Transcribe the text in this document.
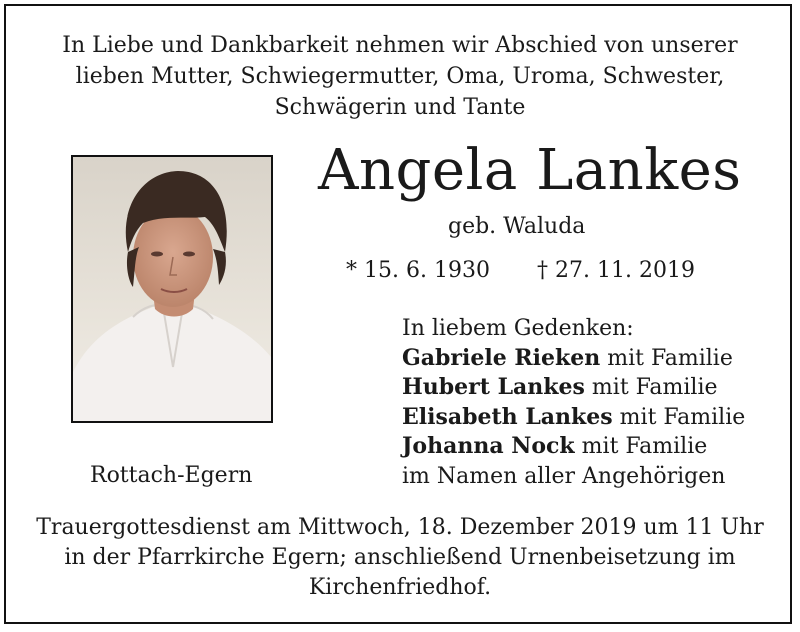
In Liebe und Dankbarkeit nehmen wir Abschied von unserer
lieben Mutter, Schwiegermutter, Oma, Uroma, Schwester,
Schwägerin und Tante
Angela Lankes
geb. Waluda
* 15. 6. 1930 † 27. 11. 2019
In liebem Gedenken:
Gabriele Rieken mit Familie
Hubert Lankes mit Familie
Elisabeth Lankes mit Familie
Johanna Nock mit Familie
im Namen aller Angehörigen
Rottach-Egern
Trauergottesdienst am Mittwoch, 18. Dezember 2019 um 11 Uhr
in der Pfarrkirche Egern; anschließend Urnenbeisetzung im
Kirchenfriedhof.
